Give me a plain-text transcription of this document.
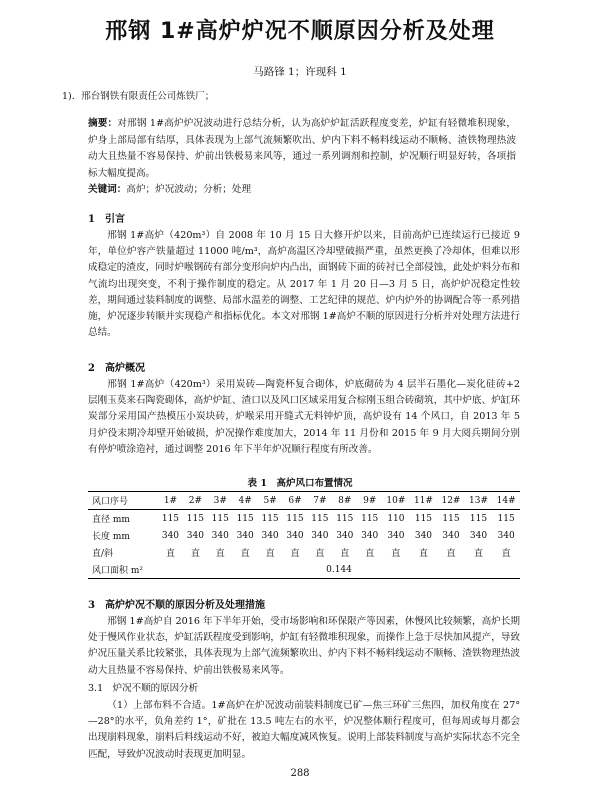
邢钢 1#高炉炉况不顺原因分析及处理
马路锋 1；许现科 1
1)．邢台钢铁有限责任公司炼铁厂；
摘要：对邢钢 1#高炉炉况波动进行总结分析，认为高炉炉缸活跃程度变差，炉缸有轻微堆积现象，炉身上部局部有结厚，具体表现为上部气流频繁吹出、炉内下料不畅料线运动不顺畅、渣铁物理热波动大且热量不容易保持、炉前出铁极易来风等，通过一系列调剂和控制，炉况顺行明显好转，各项指标大幅度提高。
关键词：高炉；炉况波动；分析；处理
1　引言
邢钢 1#高炉（420m³）自 2008 年 10 月 15 日大修开炉以来，目前高炉已连续运行已接近 9 年，单位炉容产铁量超过 11000 吨/m³，高炉高温区冷却壁破损严重，虽然更换了冷却体，但难以形成稳定的渣皮，同时炉喉钢砖有部分变形向炉内凸出，面钢砖下面的砖衬已全部侵蚀，此处炉料分布和气流均出现突变，不利于操作制度的稳定。从 2017 年 1 月 20 日—3 月 5 日，高炉炉况稳定性较差，期间通过装料制度的调整、局部水温差的调整、工艺纪律的规范、炉内炉外的协调配合等一系列措施，炉况逐步转顺并实现稳产和指标优化。本文对邢钢 1#高炉不顺的原因进行分析并对处理方法进行总结。
2　高炉概况
邢钢 1#高炉（420m³）采用炭砖—陶瓷杯复合砌体，炉底砌砖为 4 层半石墨化—炭化硅砖+2 层刚玉莫来石陶瓷砌体，高炉炉缸、渣口以及风口区域采用复合棕刚玉组合砖砌筑，其中炉底、炉缸环炭部分采用国产热模压小炭块砖，炉喉采用开缝式无料钟炉顶，高炉设有 14 个风口，自 2013 年 5 月炉役末期冷却壁开始破损，炉况操作难度加大，2014 年 11 月份和 2015 年 9 月大阅兵期间分别有停炉喷涂造衬，通过调整 2016 年下半年炉况顺行程度有所改善。
表 1　高炉风口布置情况
风口序号	1#	2#	3#	4#	5#	6#	7#	8#	9#	10#	11#	12#	13#	14#
直径 mm	115	115	115	115	115	115	115	115	115	110	115	115	115	115
长度 mm	340	340	340	340	340	340	340	340	340	340	340	340	340	340
直/斜	直	直	直	直	直	直	直	直	直	直	直	直	直	直
风口面积 m²	0.144													
3　高炉炉况不顺的原因分析及处理措施
邢钢 1#高炉自 2016 年下半年开始，受市场影响和环保限产等因素，休慢风比较频繁，高炉长期处于慢风作业状态，炉缸活跃程度受到影响，炉缸有轻微堆积现象，而操作上急于尽快加风提产，导致炉况压量关系比较紧张，具体表现为上部气流频繁吹出、炉内下料不畅料线运动不顺畅、渣铁物理热波动大且热量不容易保持、炉前出铁极易来风等。
3.1　炉况不顺的原因分析
（1）上部布料不合适。1#高炉在炉况波动前装料制度已矿—焦三环矿三焦四，加权角度在 27°—28°的水平，负角差约 1°，矿批在 13.5 吨左右的水平，炉况整体顺行程度可，但每周或每月都会出现崩料现象，崩料后料线运动不好，被迫大幅度减风恢复。说明上部装料制度与高炉实际状态不完全匹配，导致炉况波动时表现更加明显。
288
